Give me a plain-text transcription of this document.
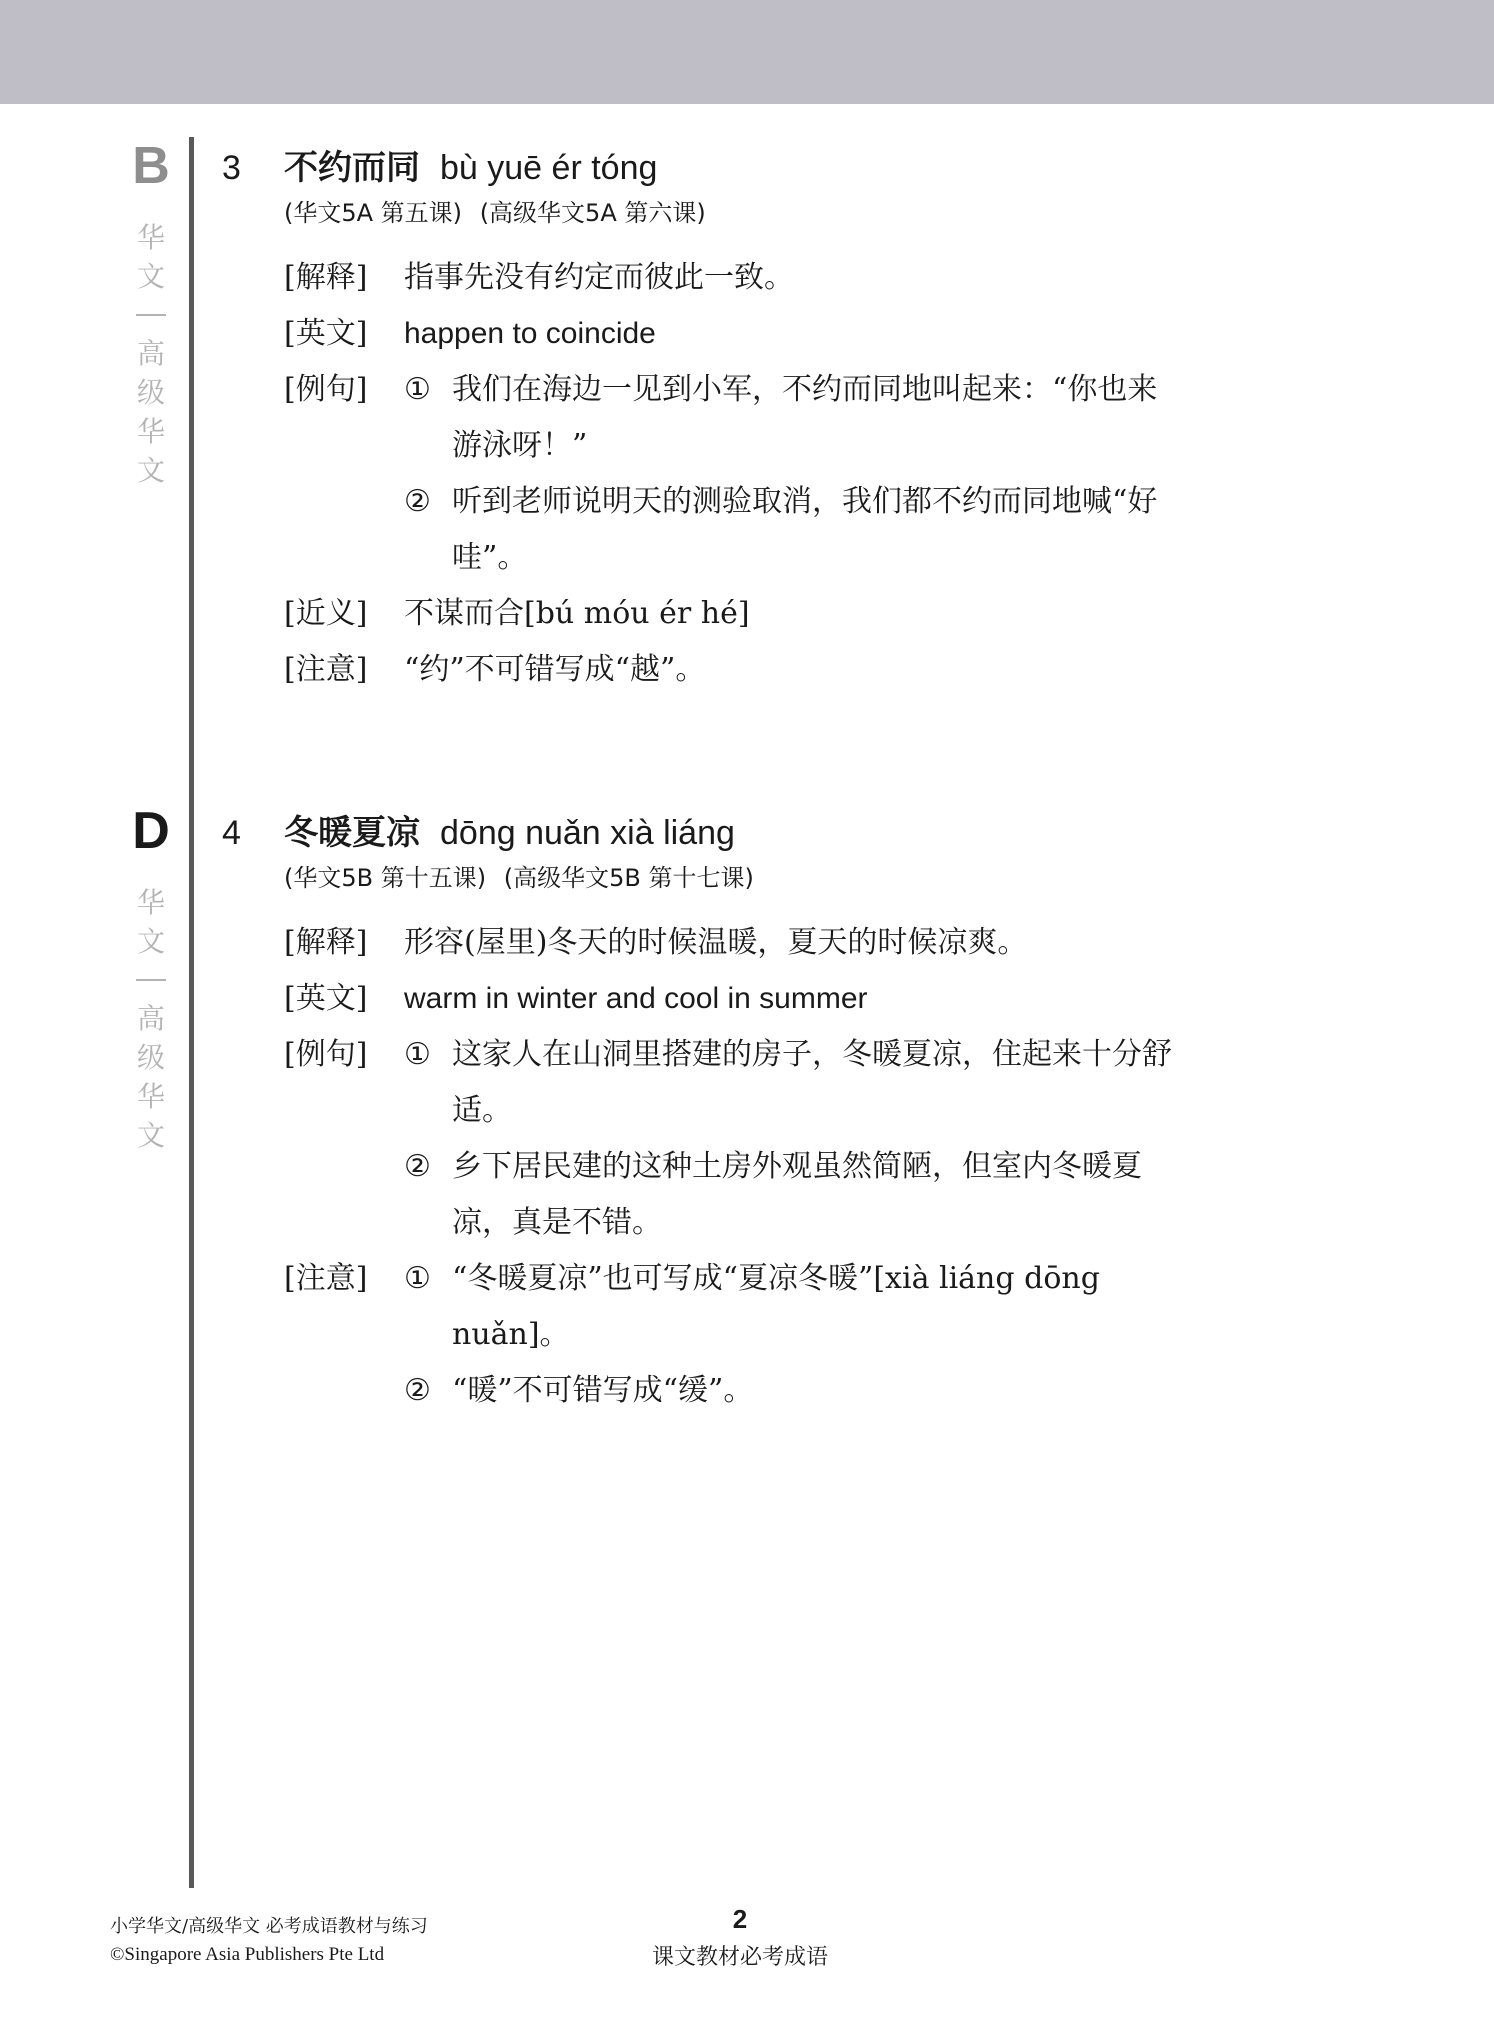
B
华
文
高
级
华
文
D
华
文
高
级
华
文
3	不约而同 bù yuē ér tóng
(华文5A 第五课) (高级华文5A 第六课)
[解释]	指事先没有约定而彼此一致。
[英文]	happen to coincide
[例句]	① 我们在海边一见到小军，不约而同地叫起来：“你也来
游泳呀！”
② 听到老师说明天的测验取消，我们都不约而同地喊“好
哇”。
[近义]	不谋而合[bú móu ér hé]
[注意]	“约”不可错写成“越”。
4	冬暖夏凉 dōng nuǎn xià liáng
(华文5B 第十五课) (高级华文5B 第十七课)
[解释]	形容(屋里)冬天的时候温暖，夏天的时候凉爽。
[英文]	warm in winter and cool in summer
[例句]	① 这家人在山洞里搭建的房子，冬暖夏凉，住起来十分舒
适。
② 乡下居民建的这种土房外观虽然简陋，但室内冬暖夏
凉，真是不错。
[注意]	① “冬暖夏凉”也可写成“夏凉冬暖”[xià liáng dōng
nuǎn]。
② “暖”不可错写成“缓”。
小学华文/高级华文 必考成语教材与练习
©Singapore Asia Publishers Pte Ltd
2
课文教材必考成语
